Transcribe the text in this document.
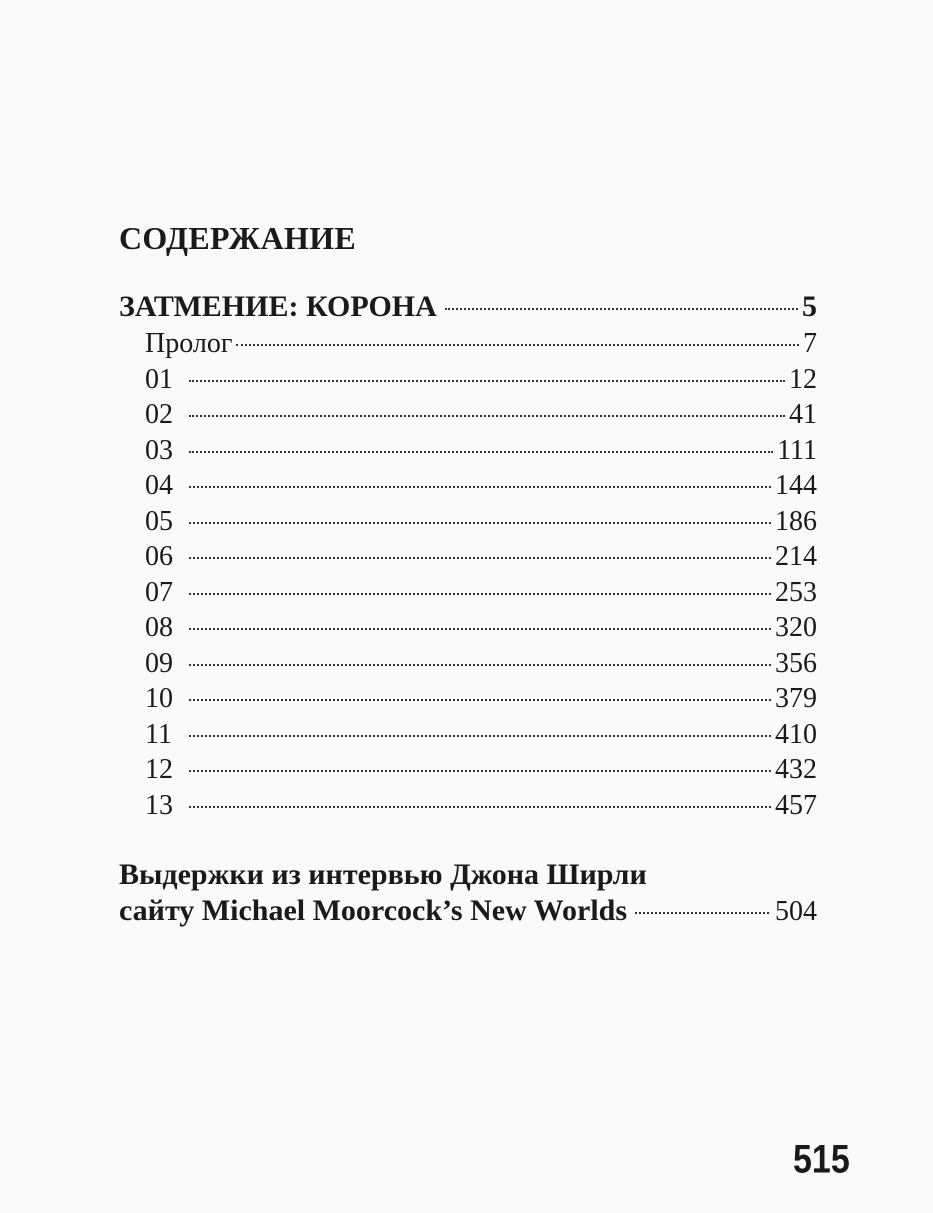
СОДЕРЖАНИЕ
ЗАТМЕНИЕ: КОРОНА	5
Пролог	7
01	12
02	41
03	111
04	144
05	186
06	214
07	253
08	320
09	356
10	379
11	410
12	432
13	457
Выдержки из интервью Джона Ширли
сайту Michael Moorcock’s New Worlds	504
515
